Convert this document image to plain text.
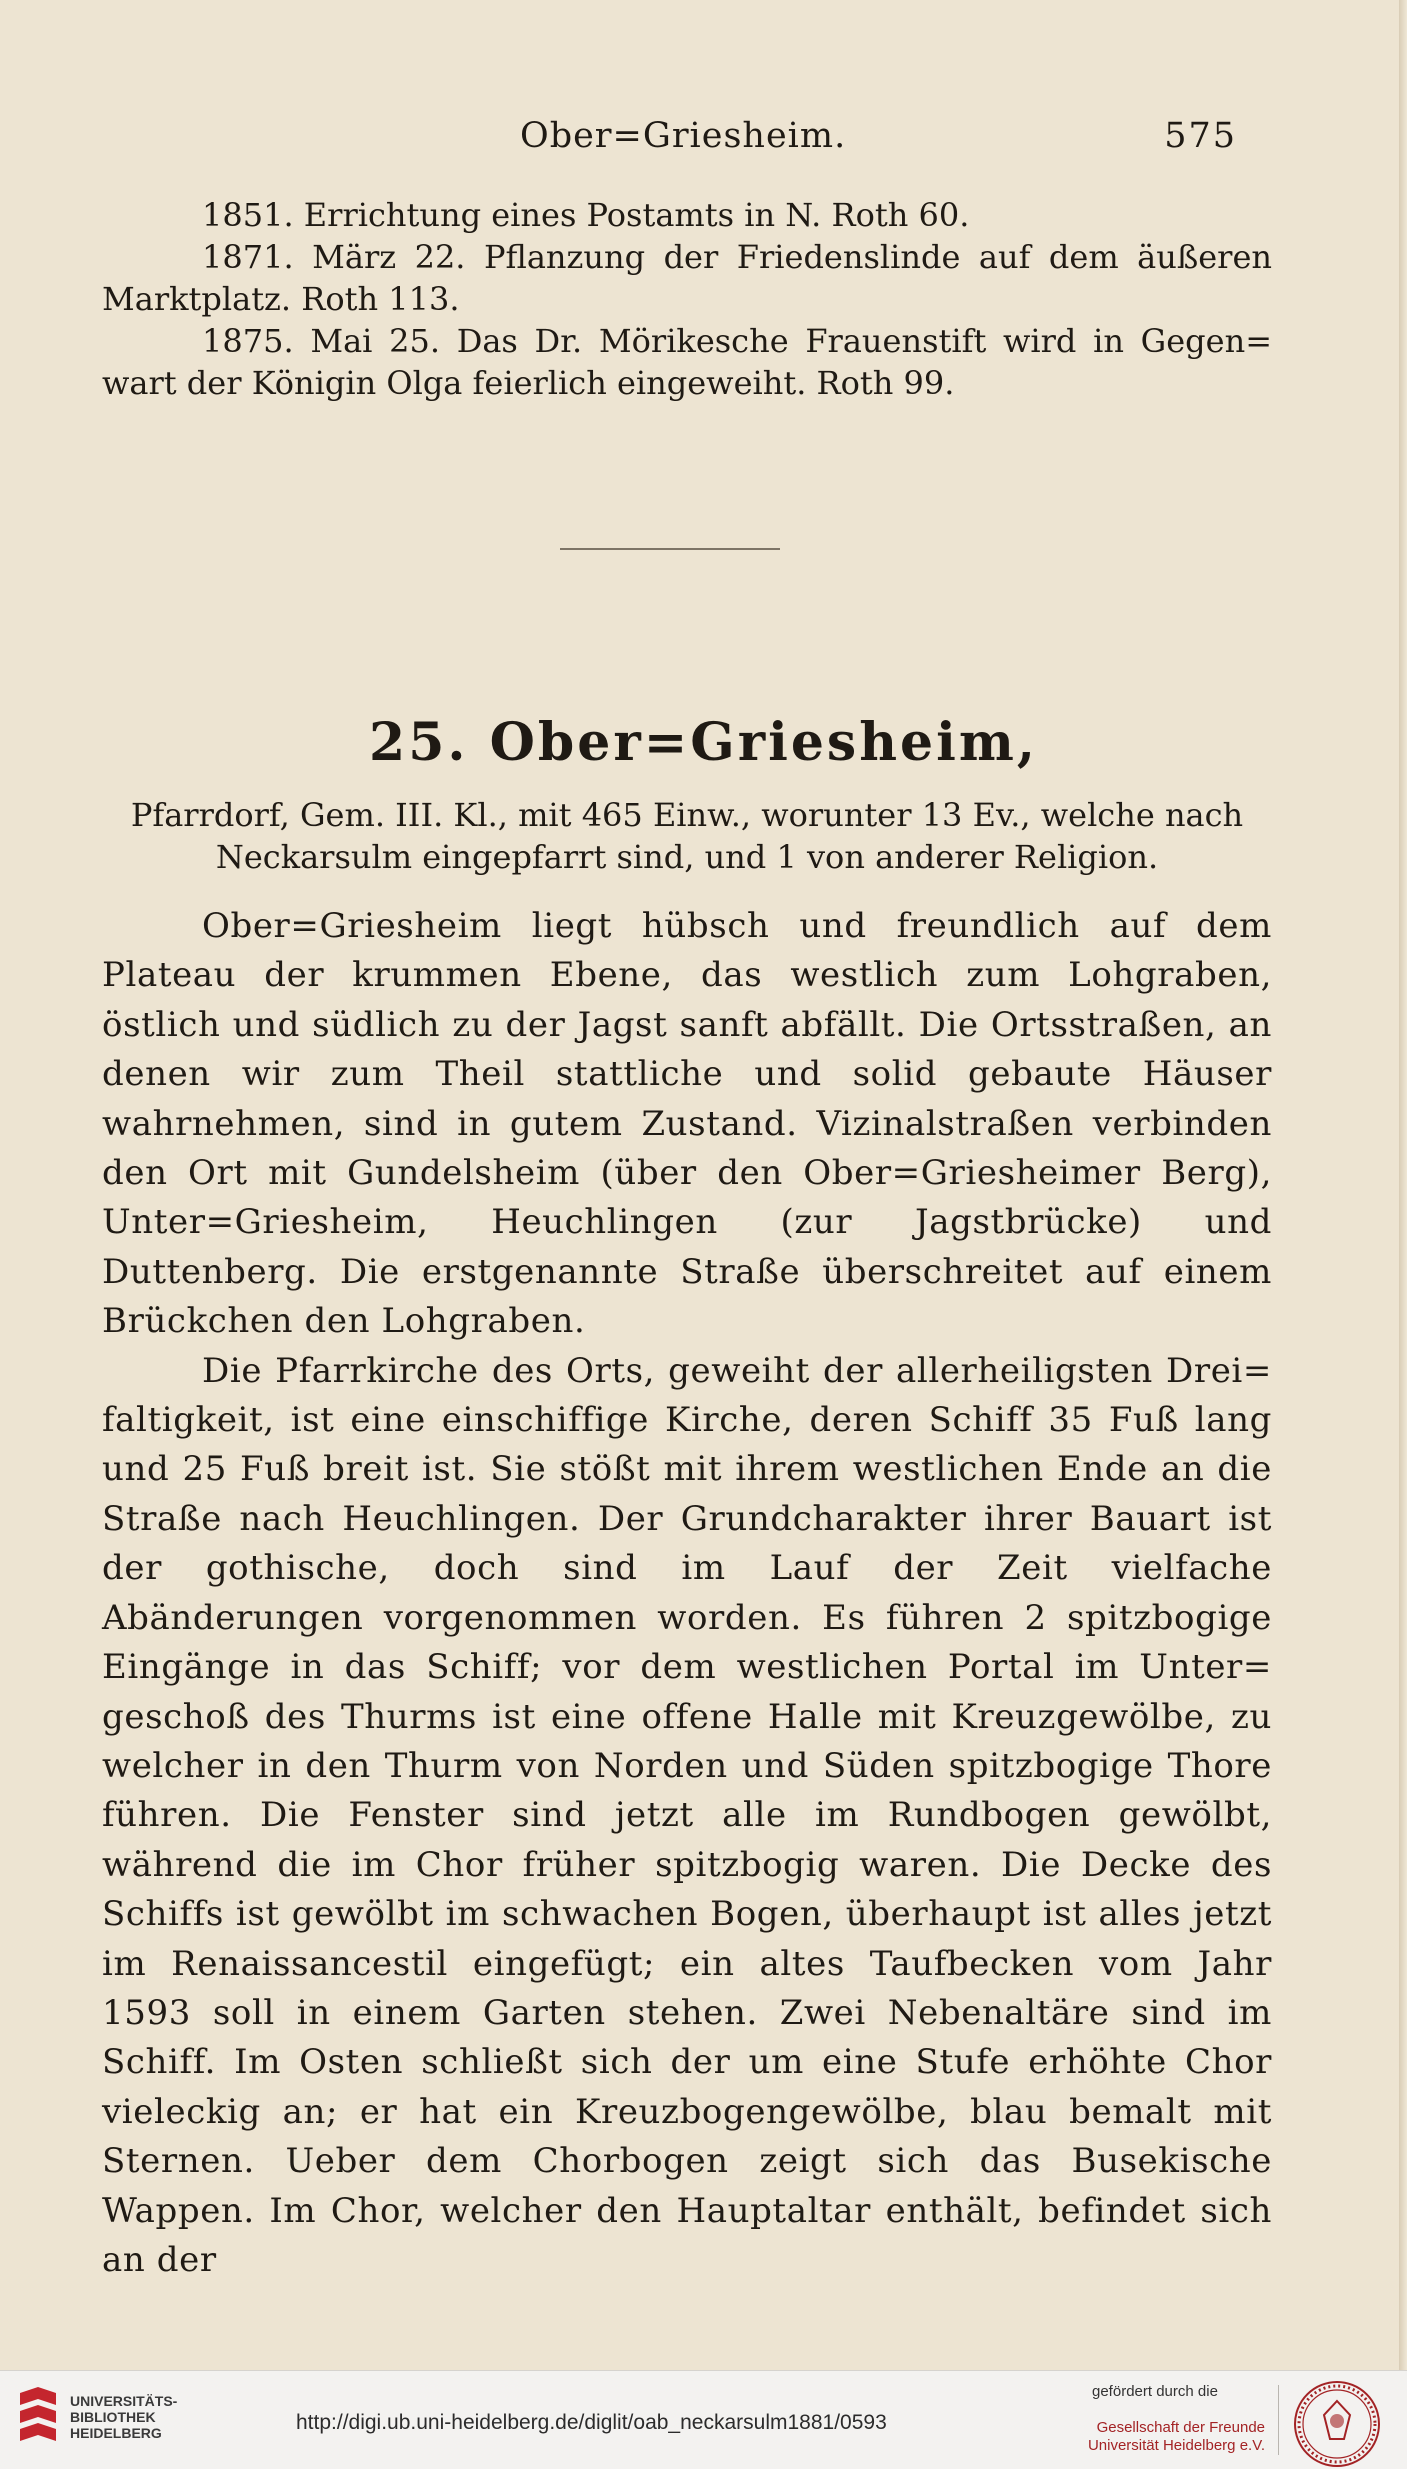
Ober=Griesheim.	575

1851. Errichtung eines Postamts in N. Roth 60.

1871. März 22. Pflanzung der Friedenslinde auf dem äußeren Marktplatz. Roth 113.

1875. Mai 25. Das Dr. Mörikesche Frauenstift wird in Gegen= wart der Königin Olga feierlich eingeweiht. Roth 99.

25. Ober=Griesheim,
Pfarrdorf, Gem. III. Kl., mit 465 Einw., worunter 13 Ev., welche nach Neckarsulm eingepfarrt sind, und 1 von anderer Religion.

Ober=Griesheim liegt hübsch und freundlich auf dem Plateau der krummen Ebene, das westlich zum Lohgraben, östlich und südlich zu der Jagst sanft abfällt. Die Ortsstraßen, an denen wir zum Theil stattliche und solid gebaute Häuser wahrnehmen, sind in gutem Zustand. Vizinalstraßen verbinden den Ort mit Gundelsheim (über den Ober=Griesheimer Berg), Unter=Griesheim, Heuchlingen (zur Jagstbrücke) und Duttenberg. Die erstgenannte Straße überschreitet auf einem Brückchen den Lohgraben.

Die Pfarrkirche des Orts, geweiht der allerheiligsten Drei= faltigkeit, ist eine einschiffige Kirche, deren Schiff 35 Fuß lang und 25 Fuß breit ist. Sie stößt mit ihrem westlichen Ende an die Straße nach Heuchlingen. Der Grundcharakter ihrer Bauart ist der gothische, doch sind im Lauf der Zeit vielfache Abänderungen vorgenommen worden. Es führen 2 spitzbogige Eingänge in das Schiff; vor dem westlichen Portal im Unter= geschoß des Thurms ist eine offene Halle mit Kreuzgewölbe, zu welcher in den Thurm von Norden und Süden spitzbogige Thore führen. Die Fenster sind jetzt alle im Rundbogen gewölbt, während die im Chor früher spitzbogig waren. Die Decke des Schiffs ist gewölbt im schwachen Bogen, überhaupt ist alles jetzt im Renaissancestil eingefügt; ein altes Taufbecken vom Jahr 1593 soll in einem Garten stehen. Zwei Nebenaltäre sind im Schiff. Im Osten schließt sich der um eine Stufe erhöhte Chor vieleckig an; er hat ein Kreuzbogengewölbe, blau bemalt mit Sternen. Ueber dem Chorbogen zeigt sich das Busekische Wappen. Im Chor, welcher den Hauptaltar enthält, befindet sich an der

UNIVERSITÄTS-
BIBLIOTHEK
HEIDELBERG	http://digi.ub.uni-heidelberg.de/diglit/oab_neckarsulm1881/0593
gefördert durch die
Gesellschaft der Freunde
Universität Heidelberg e.V.
